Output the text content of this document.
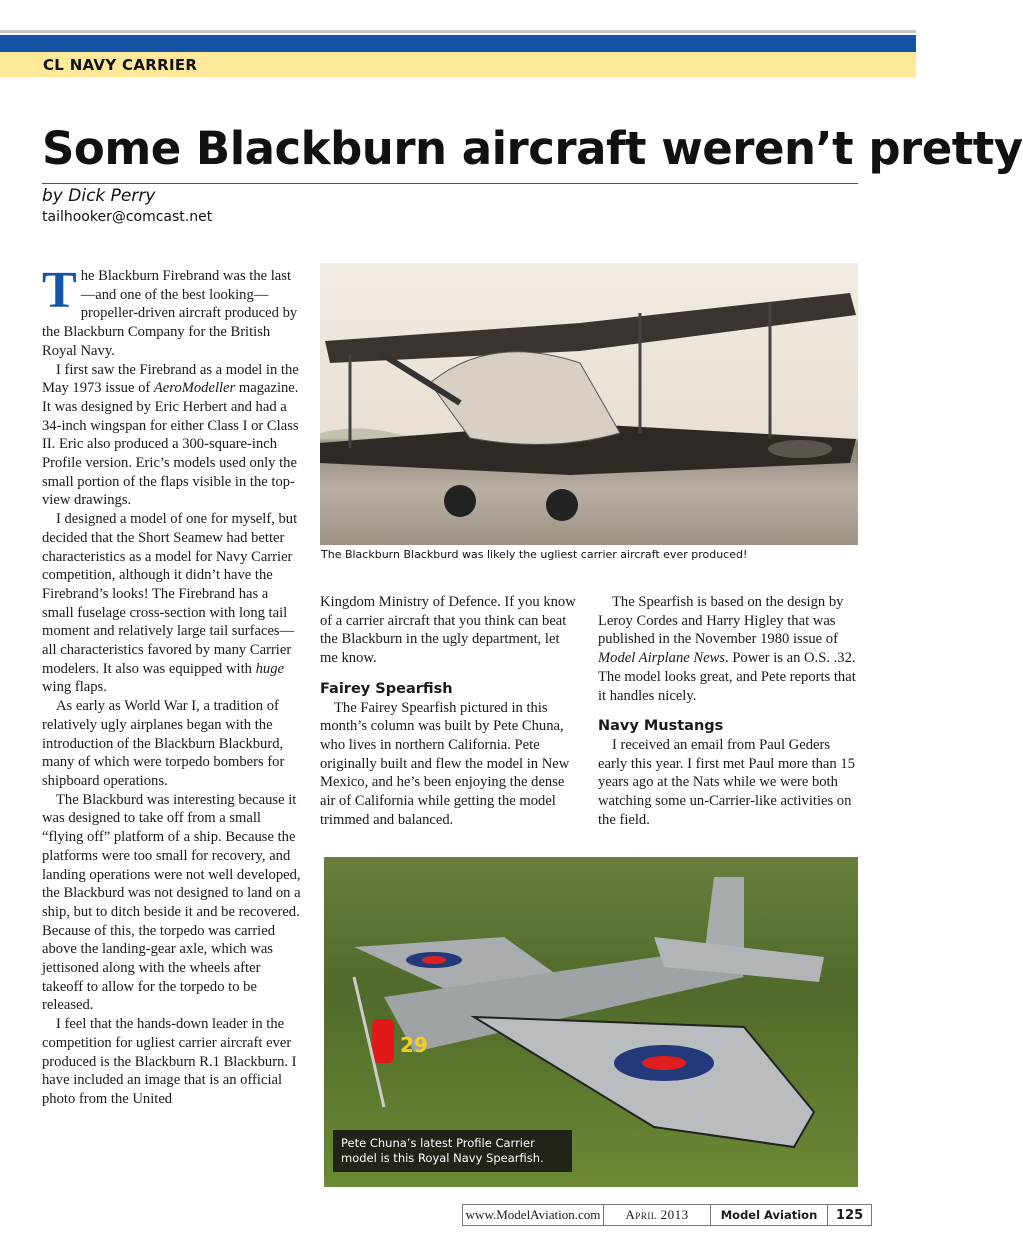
CL NAVY CARRIER
Some Blackburn aircraft weren’t pretty
by Dick Perry
tailhooker@comcast.net

The Blackburn Firebrand was the last—and one of the best looking—propeller-driven aircraft produced by the Blackburn Company for the British Royal Navy.

I first saw the Firebrand as a model in the May 1973 issue of AeroModeller magazine. It was designed by Eric Herbert and had a 34-inch wingspan for either Class I or Class II. Eric also produced a 300-square-inch Profile version. Eric’s models used only the small portion of the flaps visible in the top-view drawings.

I designed a model of one for myself, but decided that the Short Seamew had better characteristics as a model for Navy Carrier competition, although it didn’t have the Firebrand’s looks! The Firebrand has a small fuselage cross-section with long tail moment and relatively large tail surfaces—all characteristics favored by many Carrier modelers. It also was equipped with huge wing flaps.

As early as World War I, a tradition of relatively ugly airplanes began with the introduction of the Blackburn Blackburd, many of which were torpedo bombers for shipboard operations.

The Blackburd was interesting because it was designed to take off from a small “flying off” platform of a ship. Because the platforms were too small for recovery, and landing operations were not well developed, the Blackburd was not designed to land on a ship, but to ditch beside it and be recovered. Because of this, the torpedo was carried above the landing-gear axle, which was jettisoned along with the wheels after takeoff to allow for the torpedo to be released.

I feel that the hands-down leader in the competition for ugliest carrier aircraft ever produced is the Blackburn R.1 Blackburn. I have included an image that is an official photo from the United

The Blackburn Blackburd was likely the ugliest carrier aircraft ever produced!

Kingdom Ministry of Defence. If you know of a carrier aircraft that you think can beat the Blackburn in the ugly department, let me know.

Fairey Spearfish

The Fairey Spearfish pictured in this month’s column was built by Pete Chuna, who lives in northern California. Pete originally built and flew the model in New Mexico, and he’s been enjoying the dense air of California while getting the model trimmed and balanced.

The Spearfish is based on the design by Leroy Cordes and Harry Higley that was published in the November 1980 issue of Model Airplane News. Power is an O.S. .32. The model looks great, and Pete reports that it handles nicely.

Navy Mustangs

I received an email from Paul Geders early this year. I first met Paul more than 15 years ago at the Nats while we were both watching some un-Carrier-like activities on the field.

29
Pete Chuna’s latest Profile Carrier model is this Royal Navy Spearfish.
www.ModelAviation.com	April 2013	Model Aviation	125
